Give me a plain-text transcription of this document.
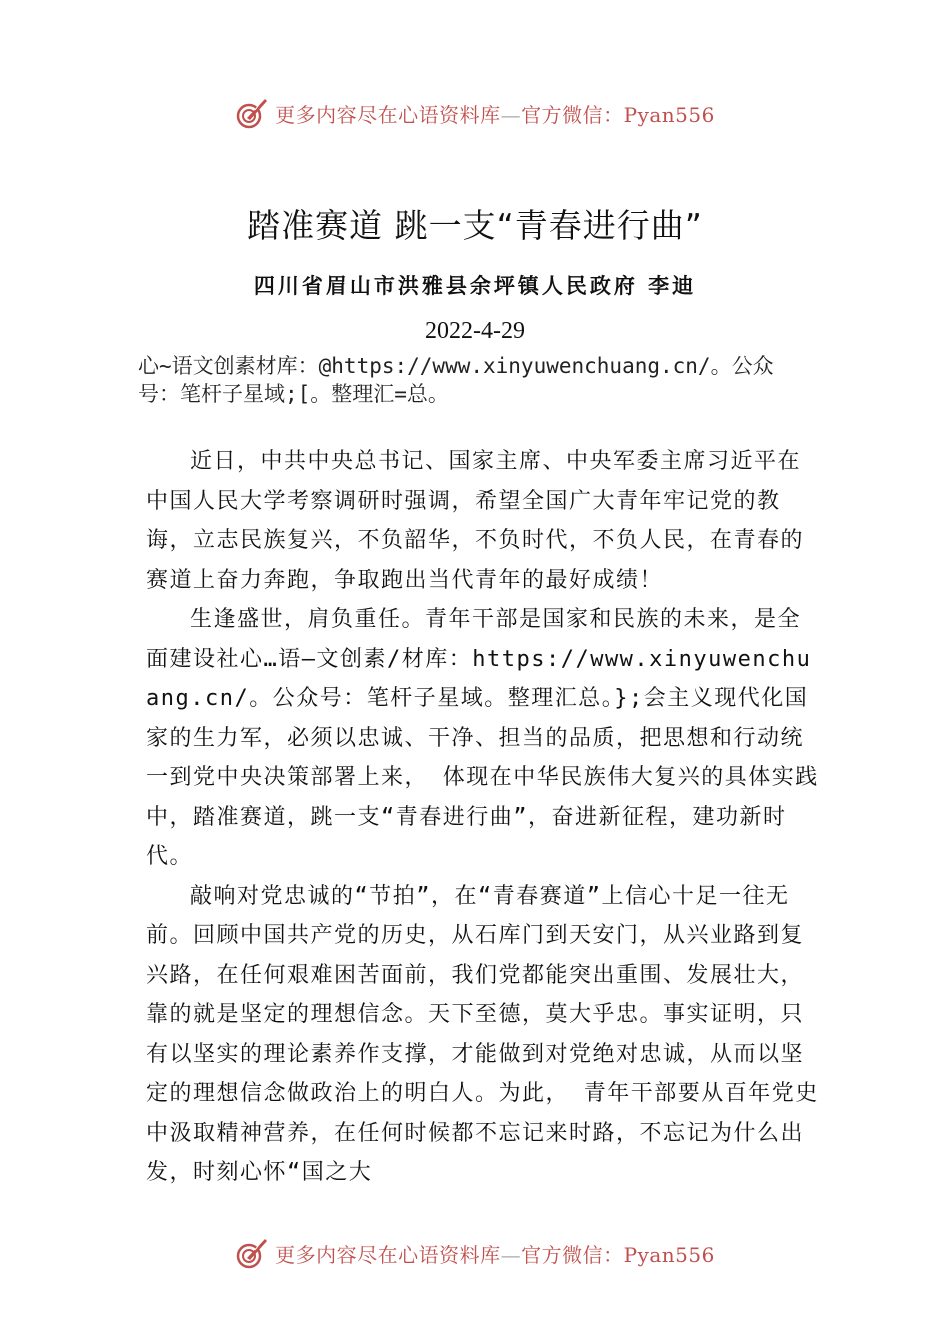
更多内容尽在心语资料库—官方微信：Pyan556
踏准赛道 跳一支“青春进行曲”
四川省眉山市洪雅县余坪镇人民政府 李迪
2022-4-29
心~语文创素材库：@https://www.xinyuwenchuang.cn/。公众
号：笔杆子星域;[。整理汇=总。

近日，中共中央总书记、国家主席、中央军委主席习近平在中国人民大学考察调研时强调，希望全国广大青年牢记党的教诲，立志民族复兴，不负韶华，不负时代，不负人民，在青春的赛道上奋力奔跑，争取跑出当代青年的最好成绩！

生逢盛世，肩负重任。青年干部是国家和民族的未来，是全面建设社心…语—文创素/材库：https://www.xinyuwenchuang.cn/。公众号：笔杆子星域。整理汇总。};会主义现代化国家的生力军，必须以忠诚、干净、担当的品质，把思想和行动统一到党中央决策部署上来， 体现在中华民族伟大复兴的具体实践中，踏准赛道，跳一支“青春进行曲”，奋进新征程，建功新时代。

敲响对党忠诚的“节拍”，在“青春赛道”上信心十足一往无前。回顾中国共产党的历史，从石库门到天安门，从兴业路到复兴路，在任何艰难困苦面前，我们党都能突出重围、发展壮大，靠的就是坚定的理想信念。天下至德，莫大乎忠。事实证明，只有以坚实的理论素养作支撑，才能做到对党绝对忠诚，从而以坚定的理想信念做政治上的明白人。为此， 青年干部要从百年党史中汲取精神营养，在任何时候都不忘记来时路，不忘记为什么出发，时刻心怀“国之大

更多内容尽在心语资料库—官方微信：Pyan556
